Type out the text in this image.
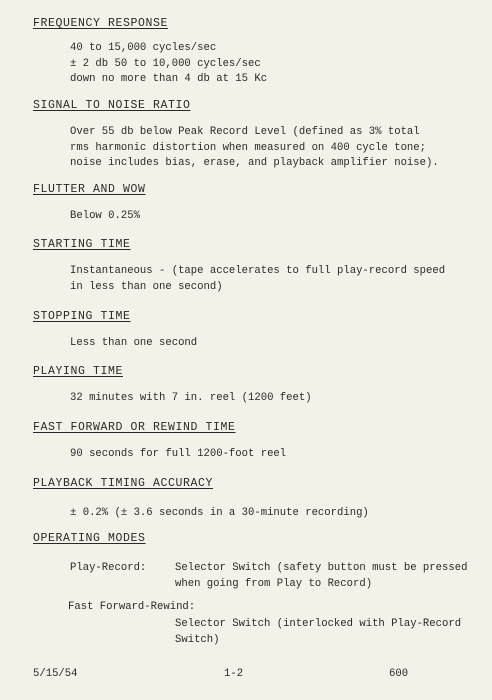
FREQUENCY RESPONSE
40 to 15,000 cycles/sec
± 2 db 50 to 10,000 cycles/sec
down no more than 4 db at 15 Kc
SIGNAL TO NOISE RATIO
Over 55 db below Peak Record Level (defined as 3% total
rms harmonic distortion when measured on 400 cycle tone;
noise includes bias, erase, and playback amplifier noise).
FLUTTER AND WOW
Below 0.25%
STARTING TIME
Instantaneous - (tape accelerates to full play-record speed
in less than one second)
STOPPING TIME
Less than one second
PLAYING TIME
32 minutes with 7 in. reel (1200 feet)
FAST FORWARD OR REWIND TIME
90 seconds for full 1200-foot reel
PLAYBACK TIMING ACCURACY
± 0.2% (± 3.6 seconds in a 30-minute recording)
OPERATING MODES
Play-Record:	Selector Switch (safety button must be pressed
when going from Play to Record)
Fast Forward-Rewind:
Selector Switch (interlocked with Play-Record
Switch)
5/15/54	1-2	600
